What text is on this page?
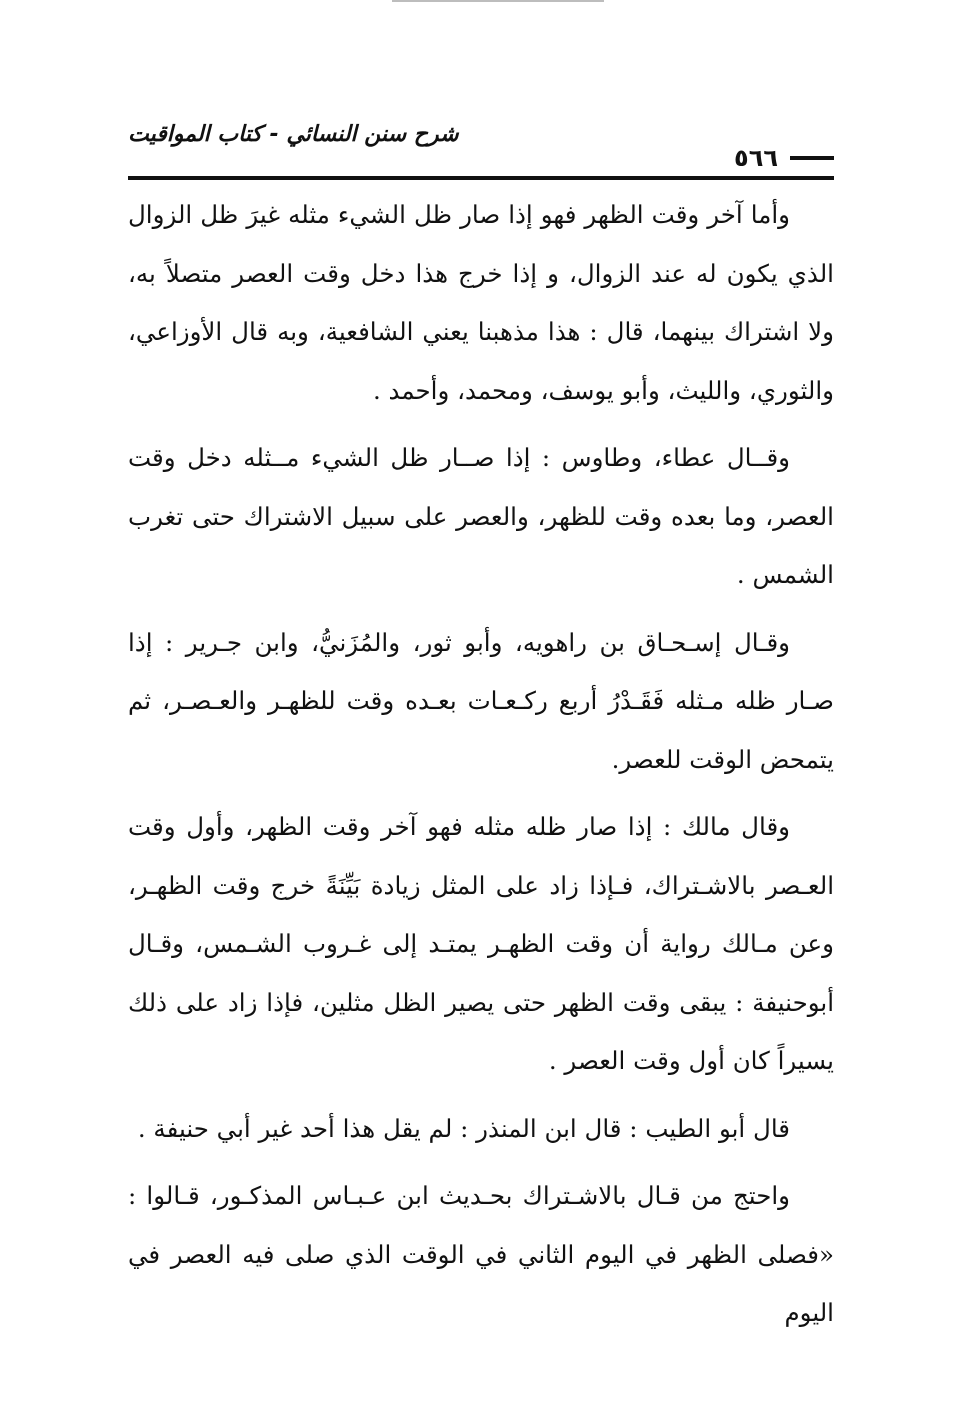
٥٦٦
شرح سنن النسائي - كتاب المواقيت

وأما آخر وقت الظهر فهو إذا صار ظل الشيء مثله غيرَ ظل الزوال الذي يكون له عند الزوال، و إذا خرج هذا دخل وقت العصر متصلاً به، ولا اشتراك بينهما، قال : هذا مذهبنا يعني الشافعية، وبه قال الأوزاعي، والثوري، والليث، وأبو يوسف، ومحمد، وأحمد .

وقــال عطاء، وطاوس : إذا صــار ظل الشيء مــثله دخل وقت العصر، وما بعده وقت للظهر، والعصر على سبيل الاشتراك حتى تغرب الشمس .

وقـال إسـحـاق بن راهويه، وأبو ثور، والمُزَنيُّ، وابن جـرير : إذا صـار ظله مـثله فَقَـدْرُ أربع ركـعـات بعـده وقت للظهـر والعـصـر، ثم يتمحض الوقت للعصر.

وقال مالك : إذا صار ظله مثله فهو آخر وقت الظهر، وأول وقت العـصر بالاشـتراك، فـإذا زاد على المثل زيادة بَيِّنَةً خرج وقت الظهـر، وعن مـالك رواية أن وقت الظهـر يمتـد إلى غـروب الشـمس، وقـال أبوحنيفة : يبقى وقت الظهر حتى يصير الظل مثلين، فإذا زاد على ذلك يسيراً كان أول وقت العصر .

قال أبو الطيب : قال ابن المنذر : لم يقل هذا أحد غير أبي حنيفة .

واحتج من قـال بالاشـتراك بحـديث ابن عـبـاس المذكـور، قـالوا : «فصلى الظهر في اليوم الثاني في الوقت الذي صلى فيه العصر في اليوم
